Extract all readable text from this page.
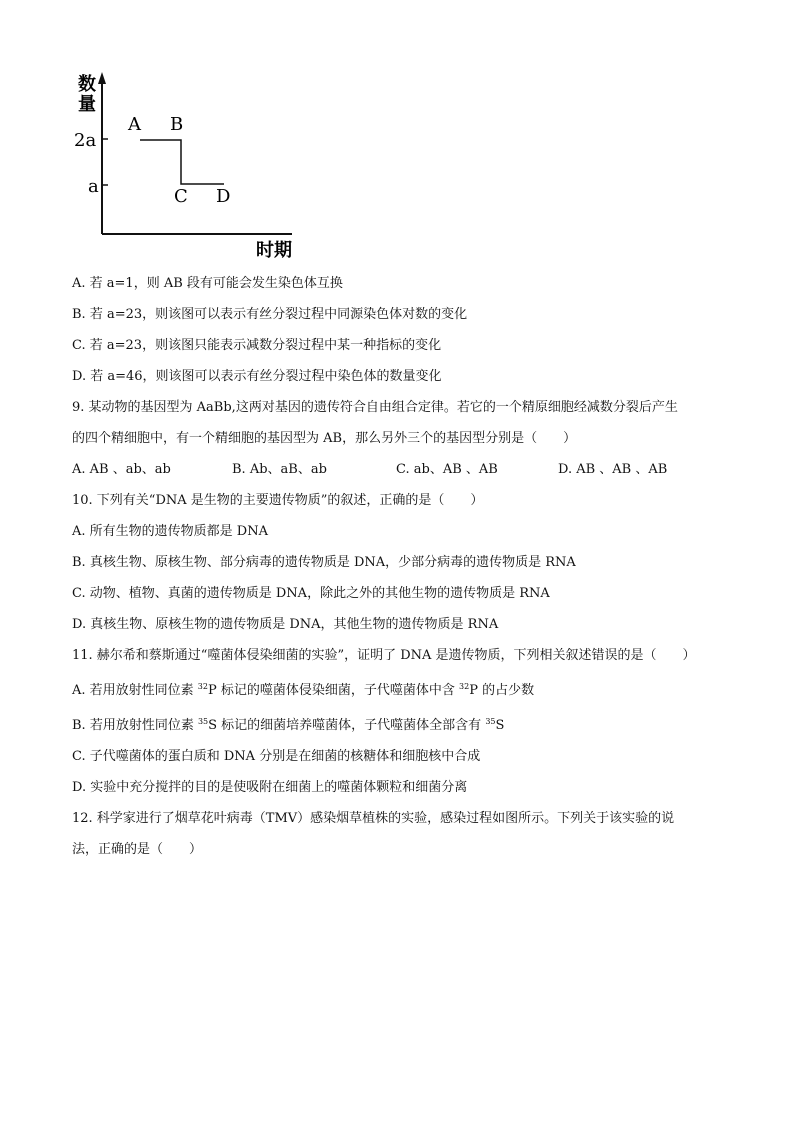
数
量
2a
a
A B
C D
时期

A. 若 a=1，则 AB 段有可能会发生染色体互换

B. 若 a=23，则该图可以表示有丝分裂过程中同源染色体对数的变化

C. 若 a=23，则该图只能表示减数分裂过程中某一种指标的变化

D. 若 a=46，则该图可以表示有丝分裂过程中染色体的数量变化

9. 某动物的基因型为 AaBb,这两对基因的遗传符合自由组合定律。若它的一个精原细胞经减数分裂后产生

的四个精细胞中，有一个精细胞的基因型为 AB，那么另外三个的基因型分别是（　　）

A. AB 、ab、ab	B. Ab、aB、ab	C. ab、AB 、AB	D. AB 、AB 、AB

10. 下列有关“DNA 是生物的主要遗传物质”的叙述，正确的是（　　）

A. 所有生物的遗传物质都是 DNA

B. 真核生物、原核生物、部分病毒的遗传物质是 DNA，少部分病毒的遗传物质是 RNA

C. 动物、植物、真菌的遗传物质是 DNA，除此之外的其他生物的遗传物质是 RNA

D. 真核生物、原核生物的遗传物质是 DNA，其他生物的遗传物质是 RNA

11. 赫尔希和蔡斯通过“噬菌体侵染细菌的实验”，证明了 DNA 是遗传物质，下列相关叙述错误的是（　　）

A. 若用放射性同位素 $^{32}$P 标记的噬菌体侵染细菌，子代噬菌体中含 $^{32}$P 的占少数

B. 若用放射性同位素 $^{35}$S 标记的细菌培养噬菌体，子代噬菌体全部含有 $^{35}$S

C. 子代噬菌体的蛋白质和 DNA 分别是在细菌的核糖体和细胞核中合成

D. 实验中充分搅拌的目的是使吸附在细菌上的噬菌体颗粒和细菌分离

12. 科学家进行了烟草花叶病毒（TMV）感染烟草植株的实验，感染过程如图所示。下列关于该实验的说

法，正确的是（　　）
